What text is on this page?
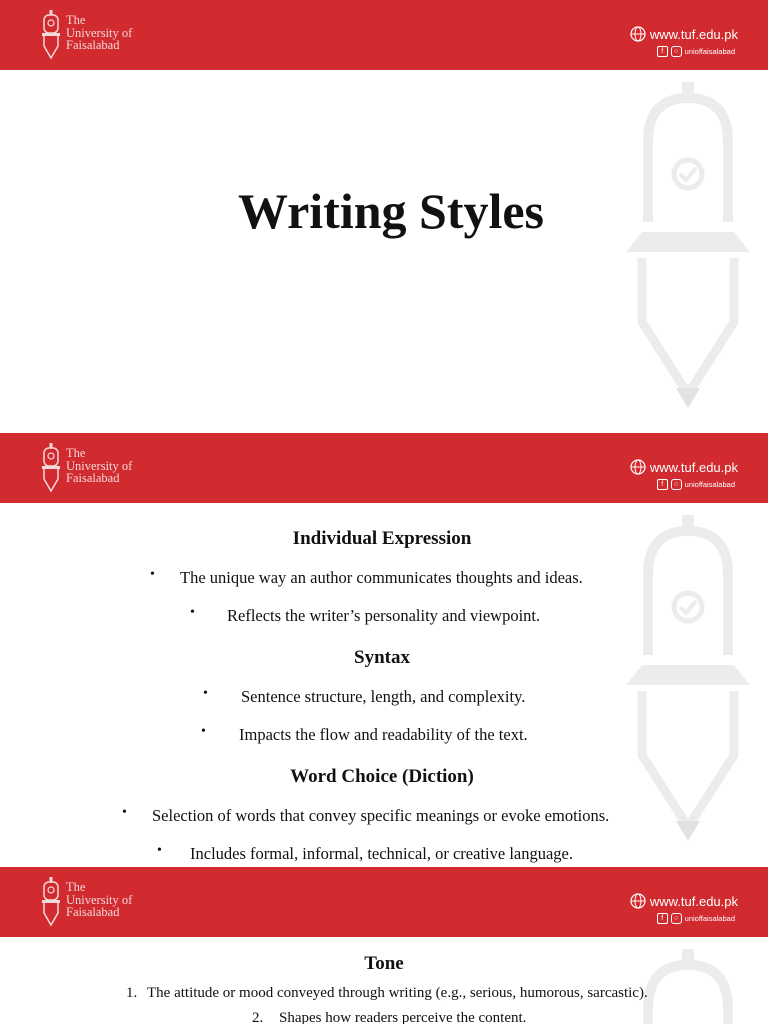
The
University of
Faisalabad
www.tuf.edu.pk
f	○ unioffaisalabad
Writing Styles
The
University of
Faisalabad
www.tuf.edu.pk
f	○ unioffaisalabad
Individual Expression
• The unique way an author communicates thoughts and ideas.
• Reflects the writer’s personality and viewpoint.
Syntax
• Sentence structure, length, and complexity.
• Impacts the flow and readability of the text.
Word Choice (Diction)
• Selection of words that convey specific meanings or evoke emotions.
• Includes formal, informal, technical, or creative language.
The
University of
Faisalabad
www.tuf.edu.pk
f	○ unioffaisalabad
Tone
1. The attitude or mood conveyed through writing (e.g., serious, humorous, sarcastic).
2. Shapes how readers perceive the content.
